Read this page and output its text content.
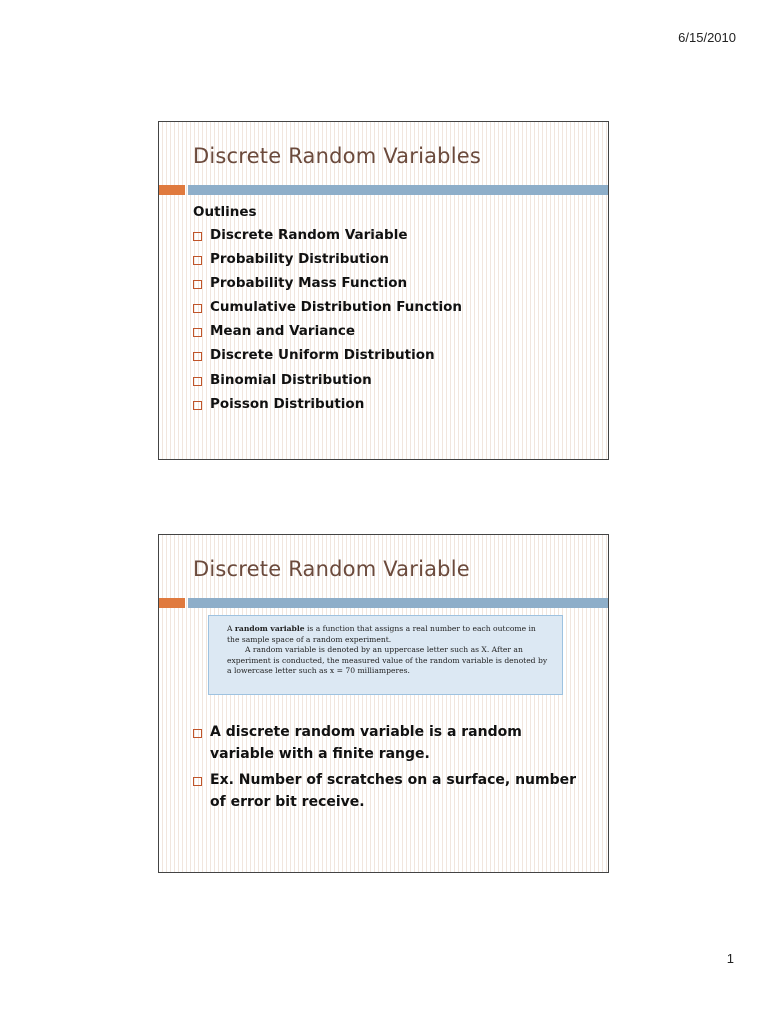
6/15/2010
Discrete Random Variables
Outlines
Discrete Random Variable
Probability Distribution
Probability Mass Function
Cumulative Distribution Function
Mean and Variance
Discrete Uniform Distribution
Binomial Distribution
Poisson Distribution
Discrete Random Variable

A random variable is a function that assigns a real number to each outcome in the sample space of a random experiment.

A random variable is denoted by an uppercase letter such as X. After an experiment is conducted, the measured value of the random variable is denoted by a lowercase letter such as x = 70 milliamperes.

A discrete random variable is a random variable with a finite range.
Ex. Number of scratches on a surface, number of error bit receive.
1
